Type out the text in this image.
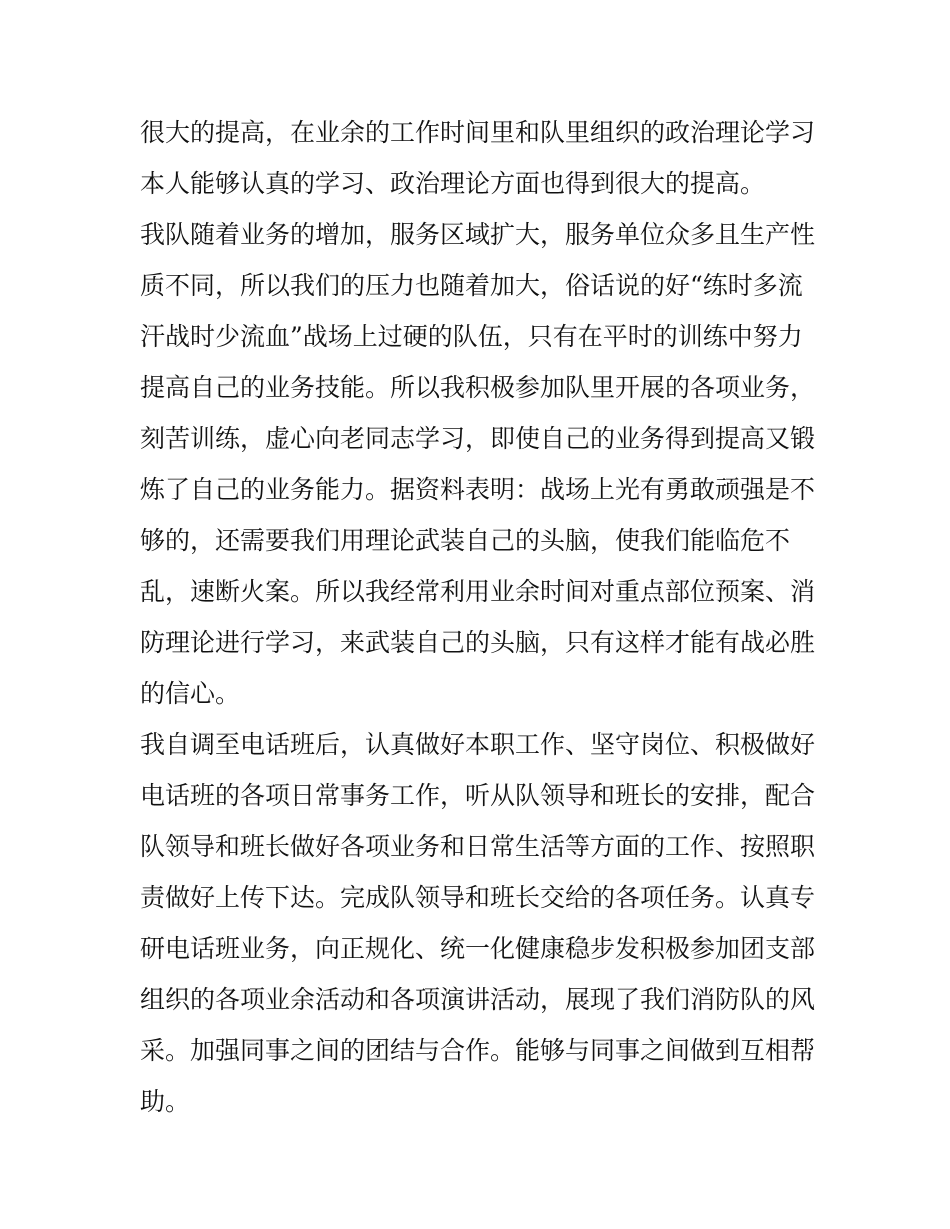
很大的提高，在业余的工作时间里和队里组织的政治理论学习
本人能够认真的学习、政治理论方面也得到很大的提高。
我队随着业务的增加，服务区域扩大，服务单位众多且生产性
质不同，所以我们的压力也随着加大，俗话说的好“练时多流
汗战时少流血”战场上过硬的队伍，只有在平时的训练中努力
提高自己的业务技能。所以我积极参加队里开展的各项业务，
刻苦训练，虚心向老同志学习，即使自己的业务得到提高又锻
炼了自己的业务能力。据资料表明：战场上光有勇敢顽强是不
够的，还需要我们用理论武装自己的头脑，使我们能临危不
乱，速断火案。所以我经常利用业余时间对重点部位预案、消
防理论进行学习，来武装自己的头脑，只有这样才能有战必胜
的信心。
我自调至电话班后，认真做好本职工作、坚守岗位、积极做好
电话班的各项日常事务工作，听从队领导和班长的安排，配合
队领导和班长做好各项业务和日常生活等方面的工作、按照职
责做好上传下达。完成队领导和班长交给的各项任务。认真专
研电话班业务，向正规化、统一化健康稳步发积极参加团支部
组织的各项业余活动和各项演讲活动，展现了我们消防队的风
采。加强同事之间的团结与合作。能够与同事之间做到互相帮
助。
